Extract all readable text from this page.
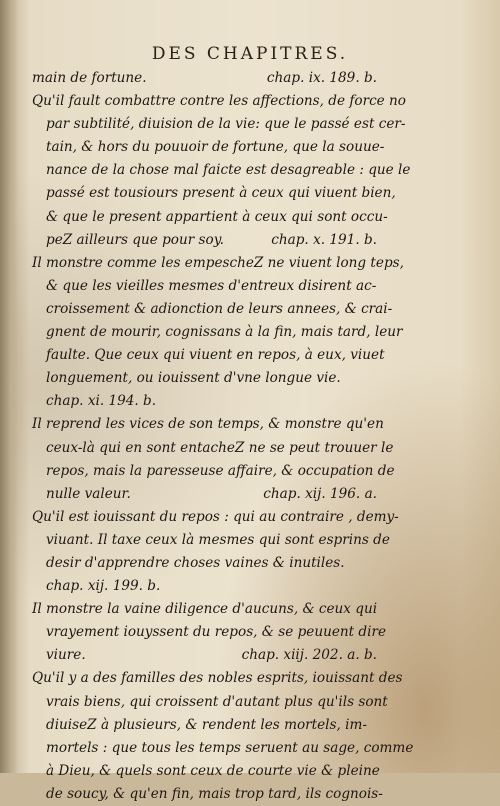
DES CHAPITRES.
main de fortune.	chap. ix. 189. b.
Qu'il fault combattre contre les affections, de force no
par subtilité, diuision de la vie: que le passé est cer-
tain, & hors du pouuoir de fortune, que la souue-
nance de la chose mal faicte est desagreable : que le
passé est tousiours present à ceux qui viuent bien,
& que le present appartient à ceux qui sont occu-
peZ ailleurs que pour soy.	chap. x. 191. b.
Il monstre comme les empescheZ ne viuent long teps,
& que les vieilles mesmes d'entreux disirent ac-
croissement & adionction de leurs annees, & crai-
gnent de mourir, cognissans à la fin, mais tard, leur
faulte. Que ceux qui viuent en repos, à eux, viuet
longuement, ou iouissent d'vne longue vie.
chap. xi. 194. b.
Il reprend les vices de son temps, & monstre qu'en
ceux-là qui en sont entacheZ ne se peut trouuer le
repos, mais la paresseuse affaire, & occupation de
nulle valeur.	chap. xij. 196. a.
Qu'il est iouissant du repos : qui au contraire , demy-
viuant. Il taxe ceux là mesmes qui sont esprins de
desir d'apprendre choses vaines & inutiles.
chap. xij. 199. b.
Il monstre la vaine diligence d'aucuns, & ceux qui
vrayement iouyssent du repos, & se peuuent dire
viure.	chap. xiij. 202. a. b.
Qu'il y a des familles des nobles esprits, iouissant des
vrais biens, qui croissent d'autant plus qu'ils sont
diuiseZ à plusieurs, & rendent les mortels, im-
mortels : que tous les temps seruent au sage, comme
à Dieu, & quels sont ceux de courte vie & pleine
de soucy, & qu'en fin, mais trop tard, ils cognois-
